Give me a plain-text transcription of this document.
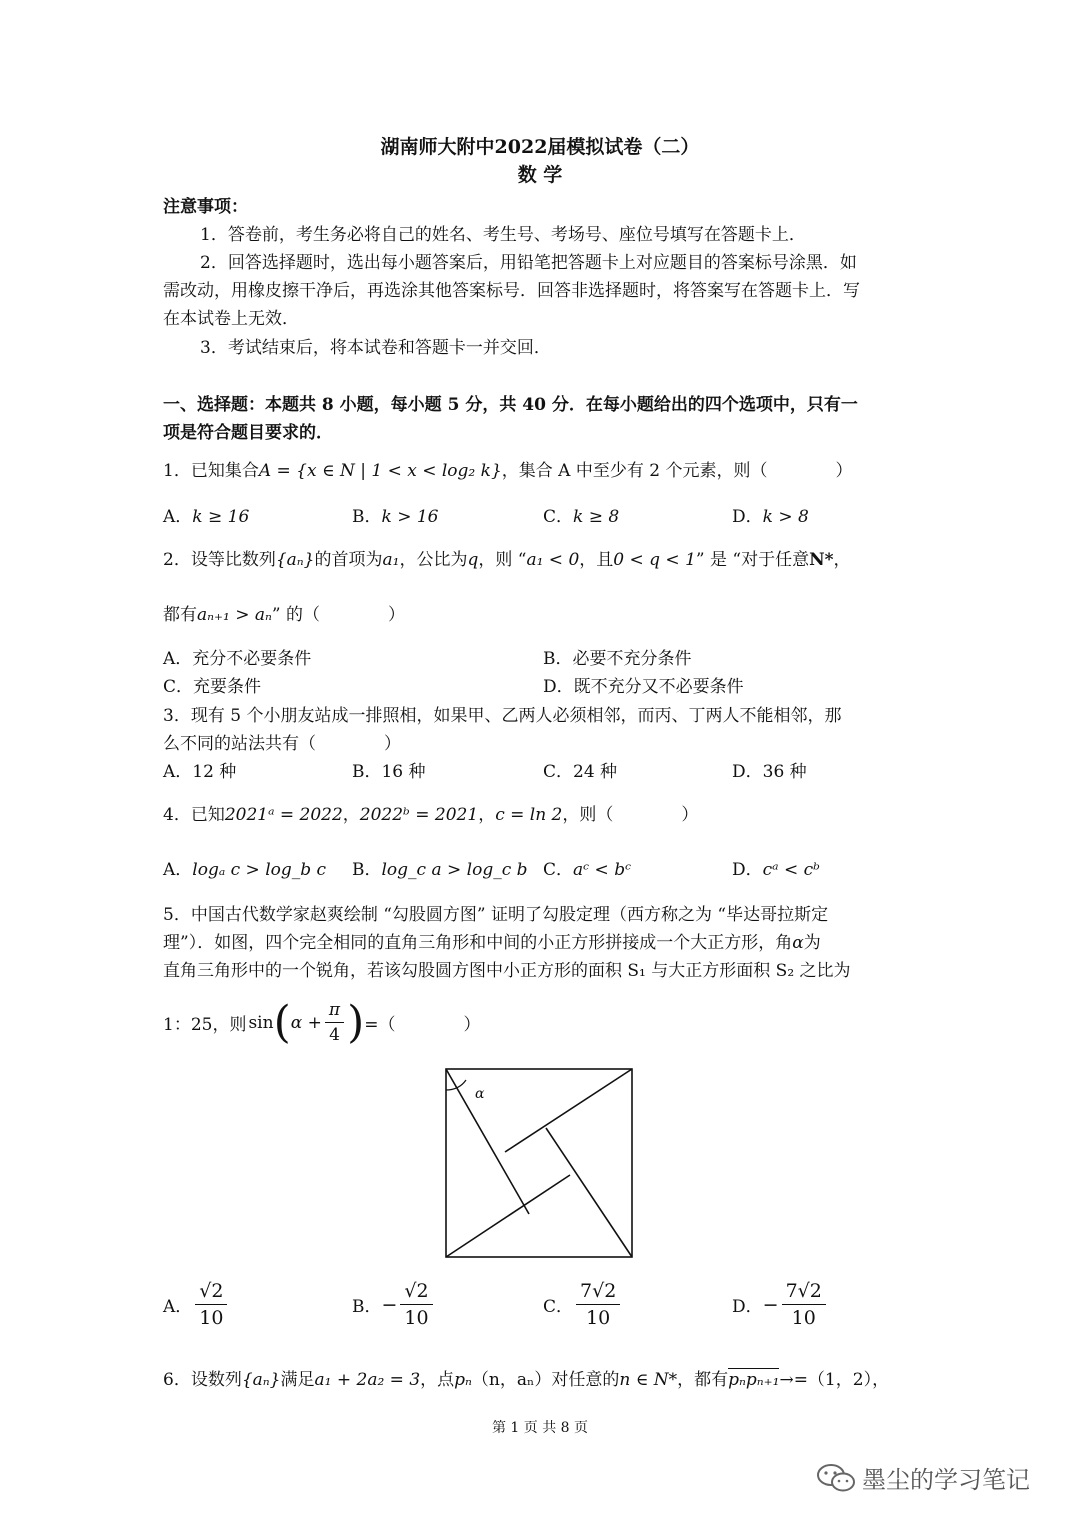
湖南师大附中2022届模拟试卷（二）
数 学
注意事项：
1．答卷前，考生务必将自己的姓名、考生号、考场号、座位号填写在答题卡上．
2．回答选择题时，选出每小题答案后，用铅笔把答题卡上对应题目的答案标号涂黑．如
需改动，用橡皮擦干净后，再选涂其他答案标号．回答非选择题时，将答案写在答题卡上．写
在本试卷上无效．
3．考试结束后，将本试卷和答题卡一并交回．
一、选择题：本题共 8 小题，每小题 5 分，共 40 分．在每小题给出的四个选项中，只有一
项是符合题目要求的．
1．已知集合A = {x ∈ N | 1 < x < log₂ k}，集合 A 中至少有 2 个元素，则（　　　　）
A．k ≥ 16	B．k > 16	C．k ≥ 8	D．k > 8
2．设等比数列{aₙ}的首项为a₁，公比为q，则 “a₁ < 0，且0 < q < 1” 是 “对于任意N*，
都有aₙ₊₁ > aₙ” 的（　　　　）
A．充分不必要条件	B．必要不充分条件
C．充要条件	D．既不充分又不必要条件
3．现有 5 个小朋友站成一排照相，如果甲、乙两人必须相邻，而丙、丁两人不能相邻，那
么不同的站法共有（　　　　）
A．12 种	B．16 种	C．24 种	D．36 种
4．已知2021ᵃ = 2022，2022ᵇ = 2021，c = ln 2，则（　　　　）
A．logₐ c > log_b c B．log_c a > log_c b C．aᶜ < bᶜ	D．cᵃ < cᵇ
5．中国古代数学家赵爽绘制 “勾股圆方图” 证明了勾股定理（西方称之为 “毕达哥拉斯定
理”）．如图，四个完全相同的直角三角形和中间的小正方形拼接成一个大正方形，角α为
直角三角形中的一个锐角，若该勾股圆方图中小正方形的面积 S₁ 与大正方形面积 S₂ 之比为
1：25，则 sin ( $\alpha + \frac{\pi}{4}$ ) =（　　　　）
α
A． $\frac{√2}{10}$	B． − $\frac{√2}{10}$	C． $\frac{7√2}{10}$	D． − $\frac{7√2}{10}$
6．设数列{aₙ}满足a₁ + 2a₂ = 3，点pₙ（n，aₙ）对任意的n ∈ N*，都有pₙpₙ₊₁→=（1，2），
第 1 页 共 8 页
墨尘的学习笔记
